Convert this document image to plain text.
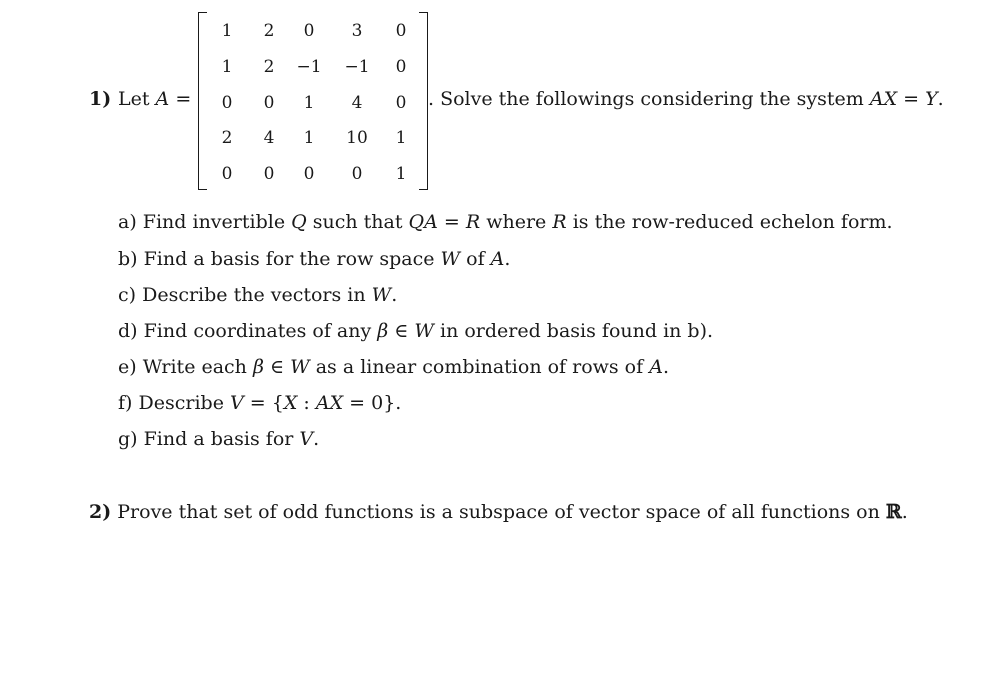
1) Let A =
1	2	0	3	0
1	2	−1	−1	0
0	0	1	4	0
2	4	1	10	1
0	0	0	0	1
. Solve the followings considering the system AX = Y.
a) Find invertible Q such that QA = R where R is the row-reduced echelon form.
b) Find a basis for the row space W of A.
c) Describe the vectors in W.
d) Find coordinates of any β ∈ W in ordered basis found in b).
e) Write each β ∈ W as a linear combination of rows of A.
f) Describe V = {X : AX = 0}.
g) Find a basis for V.
2) Prove that set of odd functions is a subspace of vector space of all functions on ℝ.
